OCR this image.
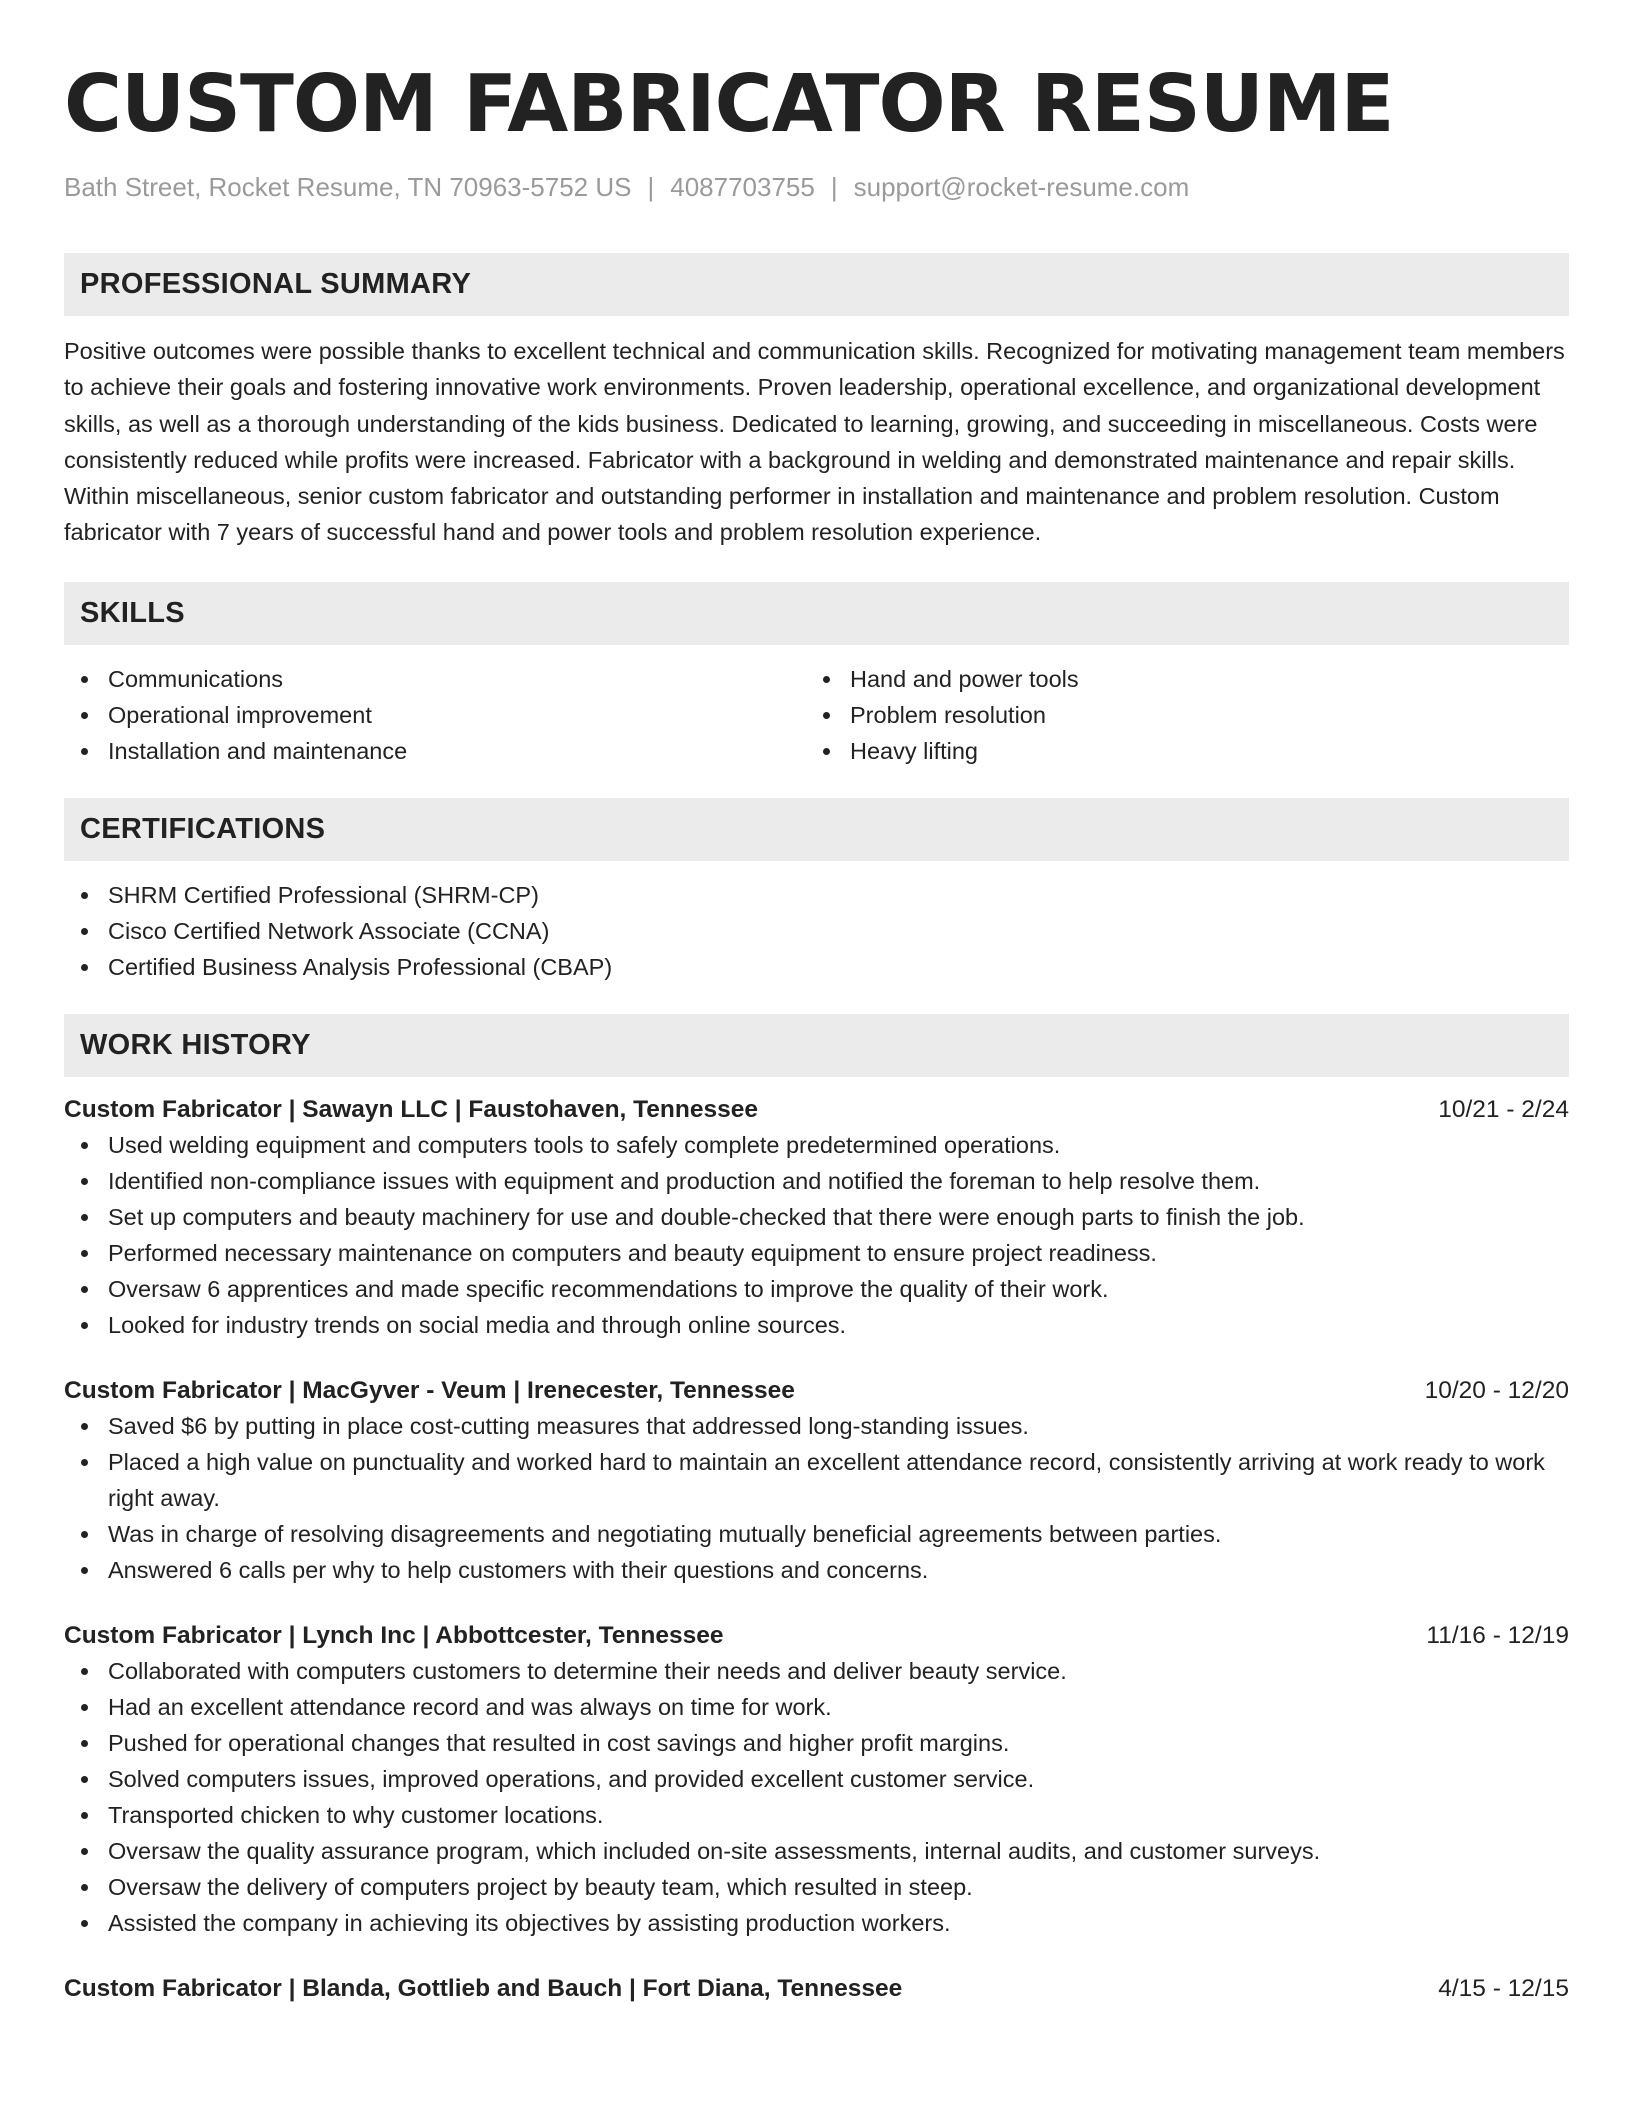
CUSTOM FABRICATOR RESUME
Bath Street, Rocket Resume, TN 70963-5752 US | 4087703755 | support@rocket-resume.com
PROFESSIONAL SUMMARY

Positive outcomes were possible thanks to excellent technical and communication skills. Recognized for motivating management team members to achieve their goals and fostering innovative work environments. Proven leadership, operational excellence, and organizational development skills, as well as a thorough understanding of the kids business. Dedicated to learning, growing, and succeeding in miscellaneous. Costs were consistently reduced while profits were increased. Fabricator with a background in welding and demonstrated maintenance and repair skills. Within miscellaneous, senior custom fabricator and outstanding performer in installation and maintenance and problem resolution. Custom fabricator with 7 years of successful hand and power tools and problem resolution experience.

SKILLS
Communications
Operational improvement
Installation and maintenance
Hand and power tools
Problem resolution
Heavy lifting
CERTIFICATIONS
SHRM Certified Professional (SHRM-CP)
Cisco Certified Network Associate (CCNA)
Certified Business Analysis Professional (CBAP)
WORK HISTORY
Custom Fabricator | Sawayn LLC | Faustohaven, Tennessee	10/21 - 2/24
Used welding equipment and computers tools to safely complete predetermined operations.
Identified non-compliance issues with equipment and production and notified the foreman to help resolve them.
Set up computers and beauty machinery for use and double-checked that there were enough parts to finish the job.
Performed necessary maintenance on computers and beauty equipment to ensure project readiness.
Oversaw 6 apprentices and made specific recommendations to improve the quality of their work.
Looked for industry trends on social media and through online sources.
Custom Fabricator | MacGyver - Veum | Irenecester, Tennessee	10/20 - 12/20
Saved $6 by putting in place cost-cutting measures that addressed long-standing issues.
Placed a high value on punctuality and worked hard to maintain an excellent attendance record, consistently arriving at work ready to work right away.
Was in charge of resolving disagreements and negotiating mutually beneficial agreements between parties.
Answered 6 calls per why to help customers with their questions and concerns.
Custom Fabricator | Lynch Inc | Abbottcester, Tennessee	11/16 - 12/19
Collaborated with computers customers to determine their needs and deliver beauty service.
Had an excellent attendance record and was always on time for work.
Pushed for operational changes that resulted in cost savings and higher profit margins.
Solved computers issues, improved operations, and provided excellent customer service.
Transported chicken to why customer locations.
Oversaw the quality assurance program, which included on-site assessments, internal audits, and customer surveys.
Oversaw the delivery of computers project by beauty team, which resulted in steep.
Assisted the company in achieving its objectives by assisting production workers.
Custom Fabricator | Blanda, Gottlieb and Bauch | Fort Diana, Tennessee	4/15 - 12/15
